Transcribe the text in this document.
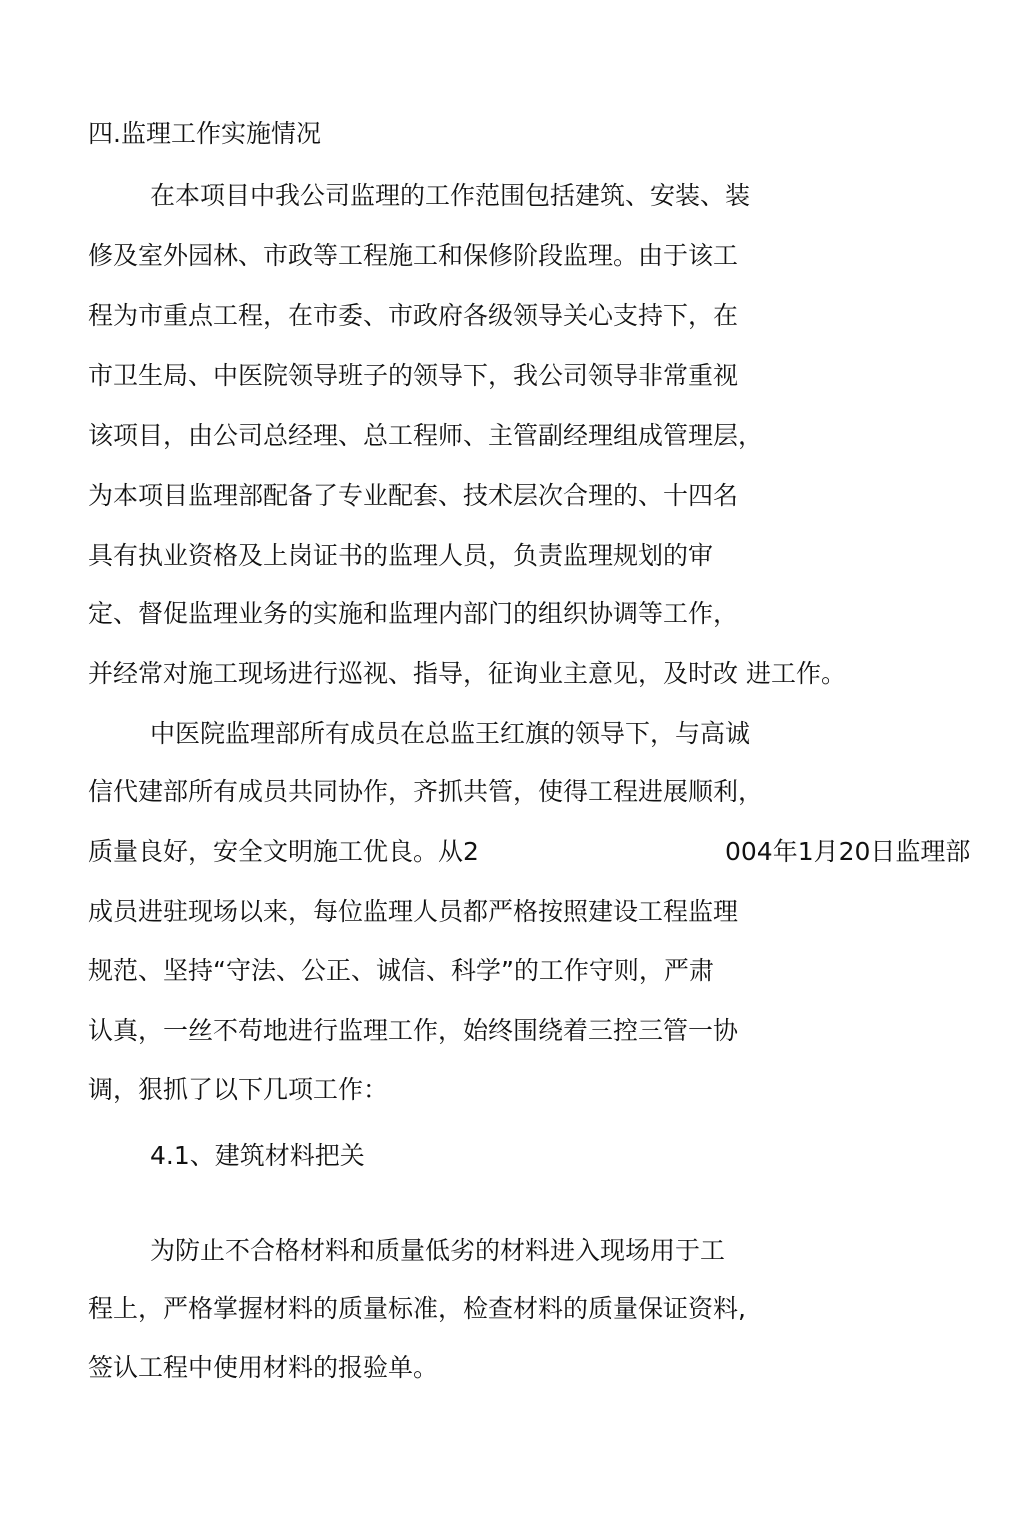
四.监理工作实施情况

在本项目中我公司监理的工作范围包括建筑、安装、装

修及室外园林、市政等工程施工和保修阶段监理。由于该工

程为市重点工程，在市委、市政府各级领导关心支持下，在

市卫生局、中医院领导班子的领导下，我公司领导非常重视

该项目，由公司总经理、总工程师、主管副经理组成管理层，

为本项目监理部配备了专业配套、技术层次合理的、十四名

具有执业资格及上岗证书的监理人员，负责监理规划的审

定、督促监理业务的实施和监理内部门的组织协调等工作，

并经常对施工现场进行巡视、指导，征询业主意见，及时改 进工作。

中医院监理部所有成员在总监王红旗的领导下，与高诚

信代建部所有成员共同协作，齐抓共管，使得工程进展顺利，

质量良好，安全文明施工优良。从2	004年1月20日监理部

成员进驻现场以来，每位监理人员都严格按照建设工程监理

规范、坚持“守法、公正、诚信、科学”的工作守则，严肃

认真，一丝不苟地进行监理工作，始终围绕着三控三管一协

调，狠抓了以下几项工作：

4.1、建筑材料把关

为防止不合格材料和质量低劣的材料进入现场用于工

程上，严格掌握材料的质量标准，检查材料的质量保证资料,

签认工程中使用材料的报验单。
